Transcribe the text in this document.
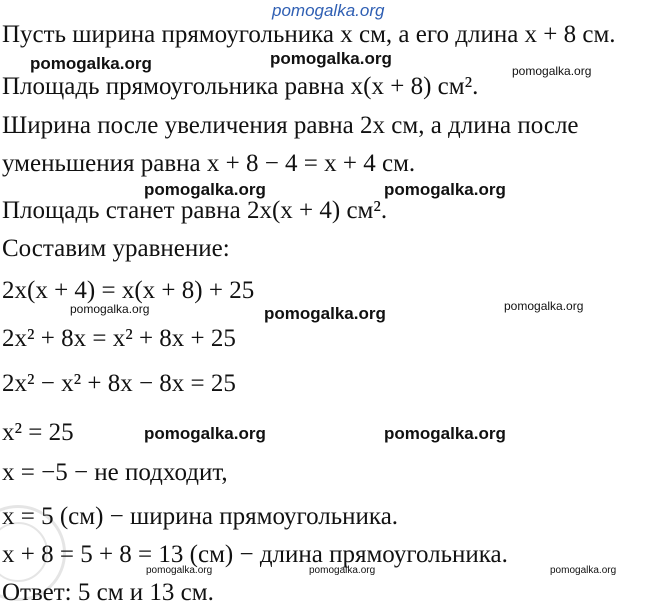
pomogalka.org
pomogalka.org	pomogalka.org
pomogalka.org
pomogalka.org	pomogalka.org
pomogalka.org	pomogalka.org	pomogalka.org
pomogalka.org	pomogalka.org
pomogalka.org	pomogalka.org	pomogalka.org
Пусть ширина прямоугольника x см, а его длина x + 8 см.
Площадь прямоугольника равна x(x + 8) см².
Ширина после увеличения равна 2x см, а длина после
уменьшения равна x + 8 − 4 = x + 4 см.
Площадь станет равна 2x(x + 4) см².
Составим уравнение:
2x(x + 4) = x(x + 8) + 25
2x² + 8x = x² + 8x + 25
2x² − x² + 8x − 8x = 25
x² = 25
x = −5 − не подходит,
x = 5 (см) − ширина прямоугольника.
x + 8 = 5 + 8 = 13 (см) − длина прямоугольника.
Ответ: 5 см и 13 см.
